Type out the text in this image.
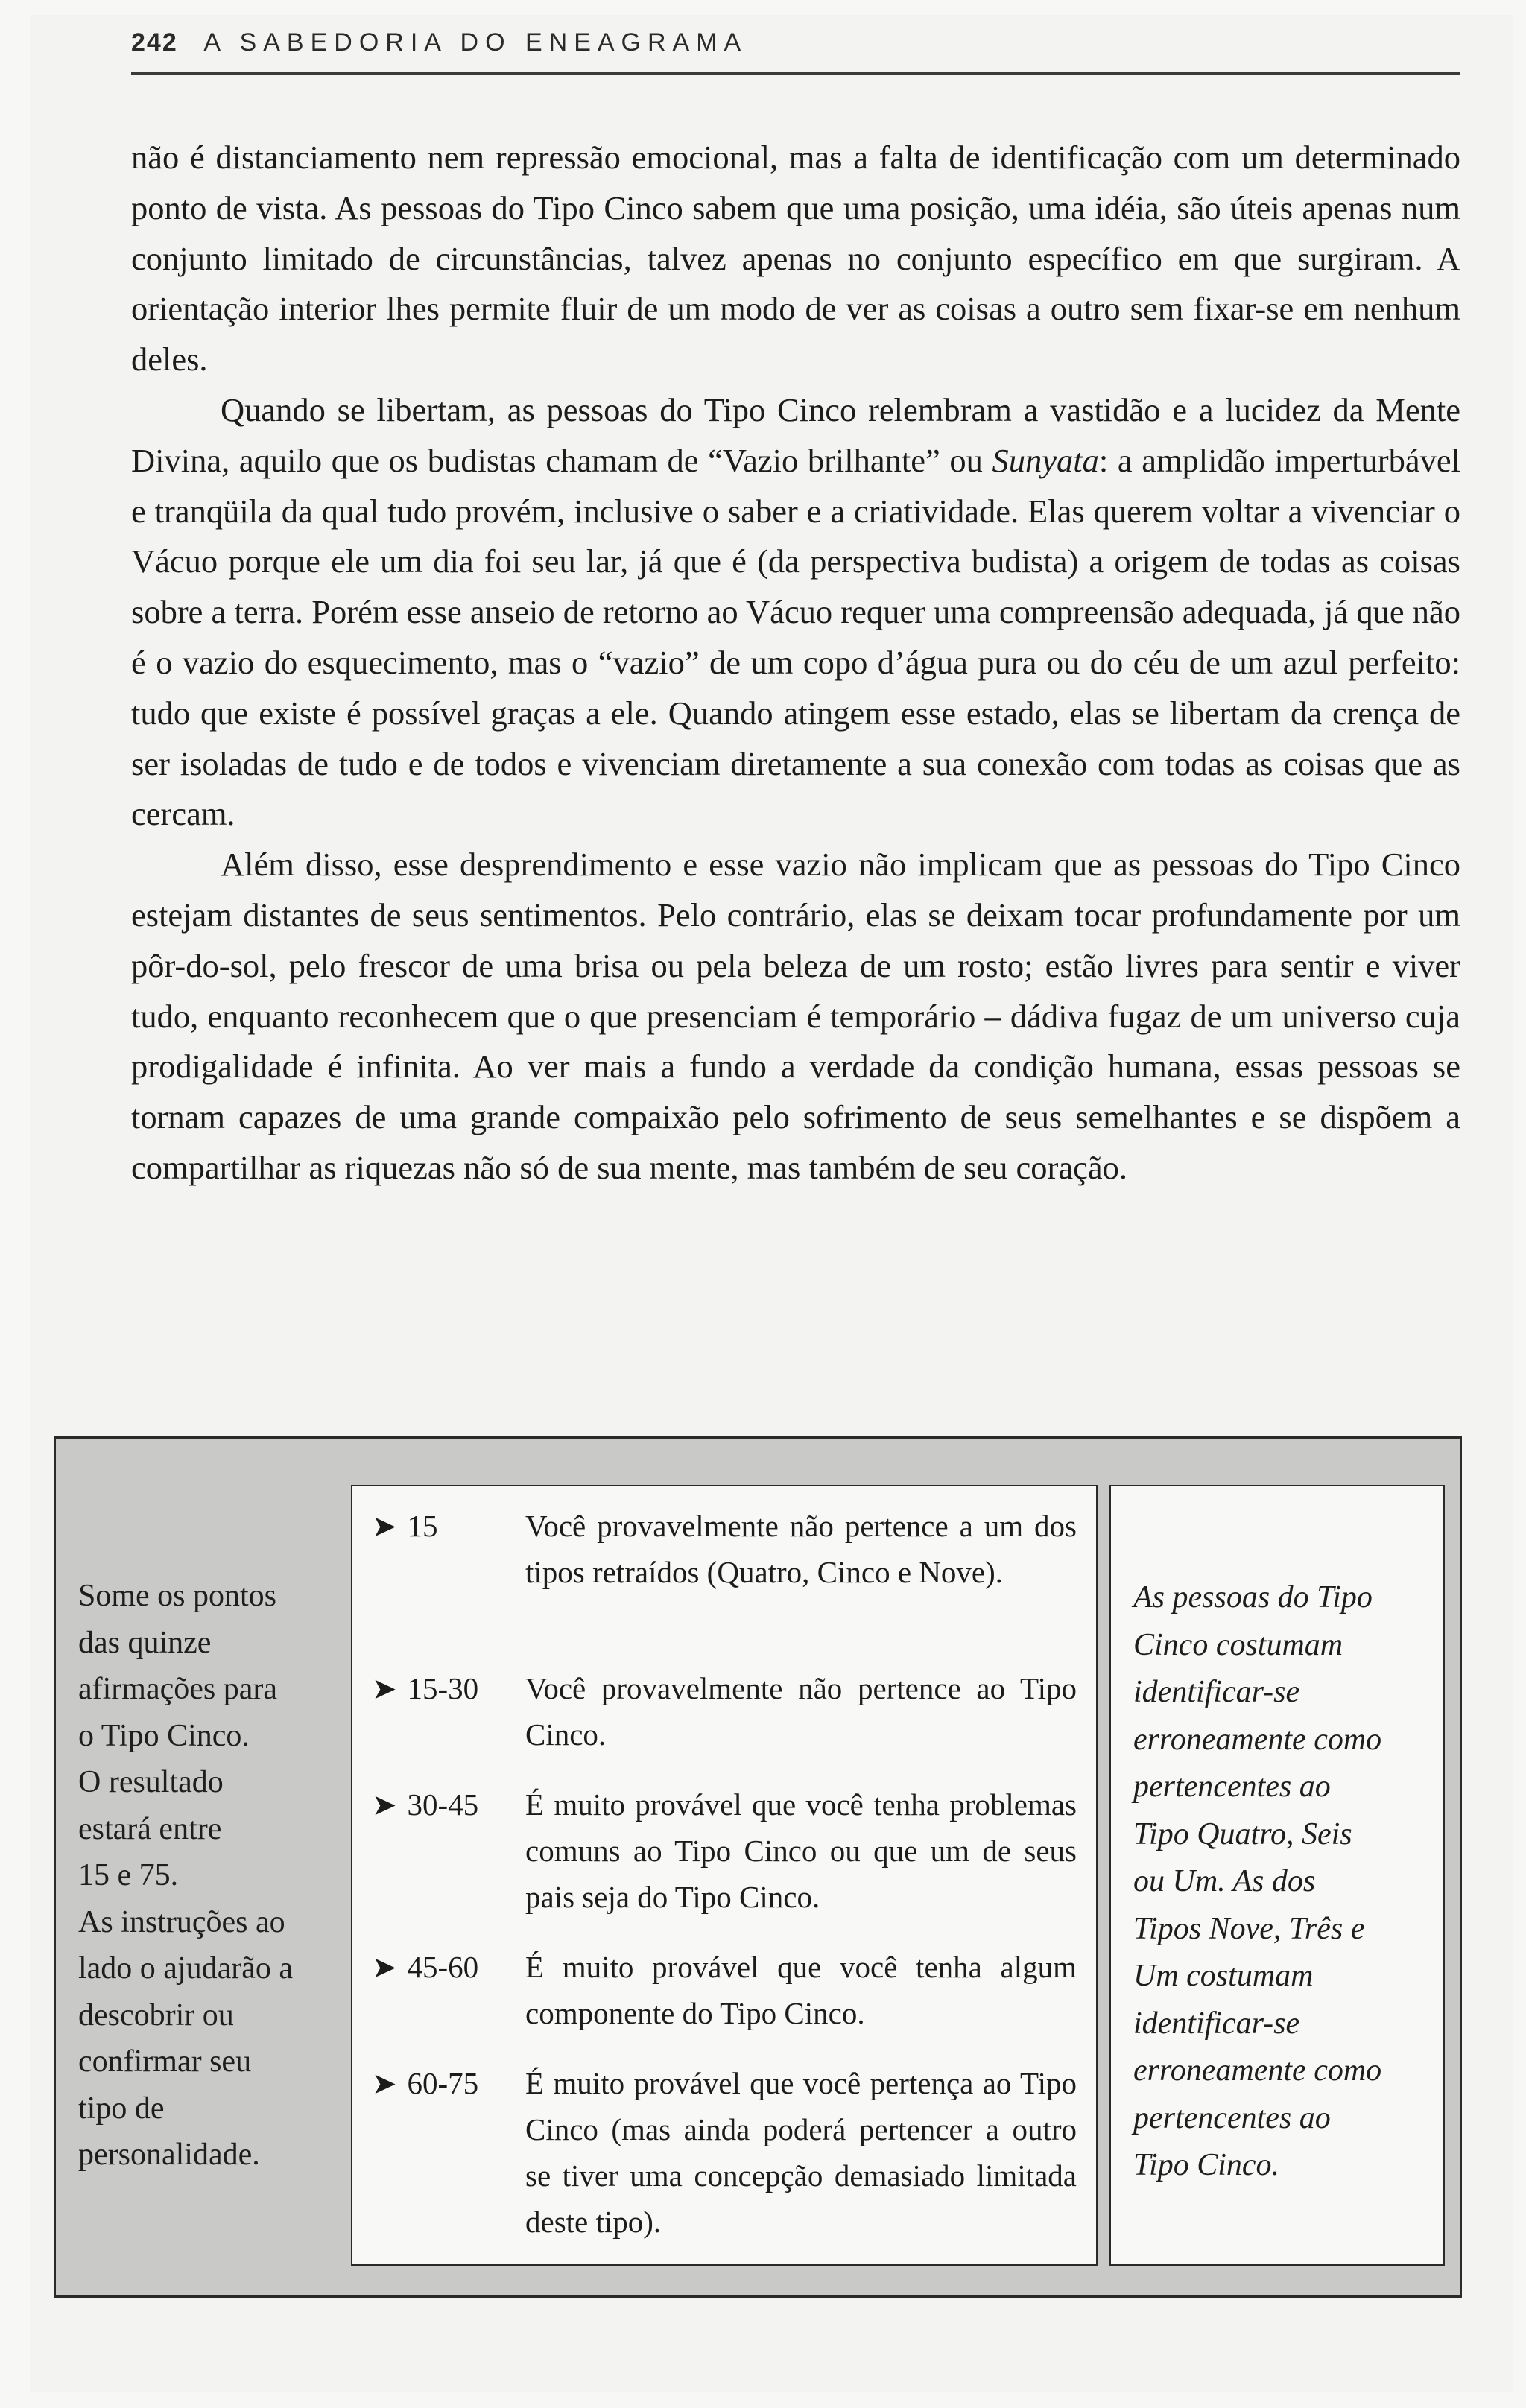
242 A SABEDORIA DO ENEAGRAMA

não é distanciamento nem repressão emocional, mas a falta de identificação com um determinado ponto de vista. As pessoas do Tipo Cinco sabem que uma posição, uma idéia, são úteis apenas num conjunto limitado de circunstâncias, talvez apenas no conjunto específico em que surgiram. A orientação interior lhes permite fluir de um modo de ver as coisas a outro sem fixar-se em nenhum deles.

Quando se libertam, as pessoas do Tipo Cinco relembram a vastidão e a lucidez da Mente Divina, aquilo que os budistas chamam de “Vazio brilhante” ou Sunyata: a amplidão imperturbável e tranqüila da qual tudo provém, inclusive o saber e a criatividade. Elas querem voltar a vivenciar o Vácuo porque ele um dia foi seu lar, já que é (da perspectiva budista) a origem de todas as coisas sobre a terra. Porém esse anseio de retorno ao Vácuo requer uma compreensão adequada, já que não é o vazio do esquecimento, mas o “vazio” de um copo d’água pura ou do céu de um azul perfeito: tudo que existe é possível graças a ele. Quando atingem esse estado, elas se libertam da crença de ser isoladas de tudo e de todos e vivenciam diretamente a sua conexão com todas as coisas que as cercam.

Além disso, esse desprendimento e esse vazio não implicam que as pessoas do Tipo Cinco estejam distantes de seus sentimentos. Pelo contrário, elas se deixam tocar profundamente por um pôr-do-sol, pelo frescor de uma brisa ou pela beleza de um rosto; estão livres para sentir e viver tudo, enquanto reconhecem que o que presenciam é temporário – dádiva fugaz de um universo cuja prodigalidade é infinita. Ao ver mais a fundo a verdade da condição humana, essas pessoas se tornam capazes de uma grande compaixão pelo sofrimento de seus semelhantes e se dispõem a compartilhar as riquezas não só de sua mente, mas também de seu coração.

Some os pontos
das quinze
afirmações para
o Tipo Cinco.
O resultado
estará entre
15 e 75.
As instruções ao
lado o ajudarão a
descobrir ou
confirmar seu
tipo de
personalidade.
➤ 15	Você provavelmente não pertence a um dos tipos retraídos (Quatro, Cinco e Nove).
➤ 15-30	Você provavelmente não pertence ao Tipo Cinco.
➤ 30-45	É muito provável que você tenha problemas comuns ao Tipo Cinco ou que um de seus pais seja do Tipo Cinco.
➤ 45-60	É muito provável que você tenha algum componente do Tipo Cinco.
➤ 60-75	É muito provável que você pertença ao Tipo Cinco (mas ainda poderá pertencer a outro se tiver uma concepção demasiado limitada deste tipo).
As pessoas do Tipo
Cinco costumam
identificar-se
erroneamente como
pertencentes ao
Tipo Quatro, Seis
ou Um. As dos
Tipos Nove, Três e
Um costumam
identificar-se
erroneamente como
pertencentes ao
Tipo Cinco.
